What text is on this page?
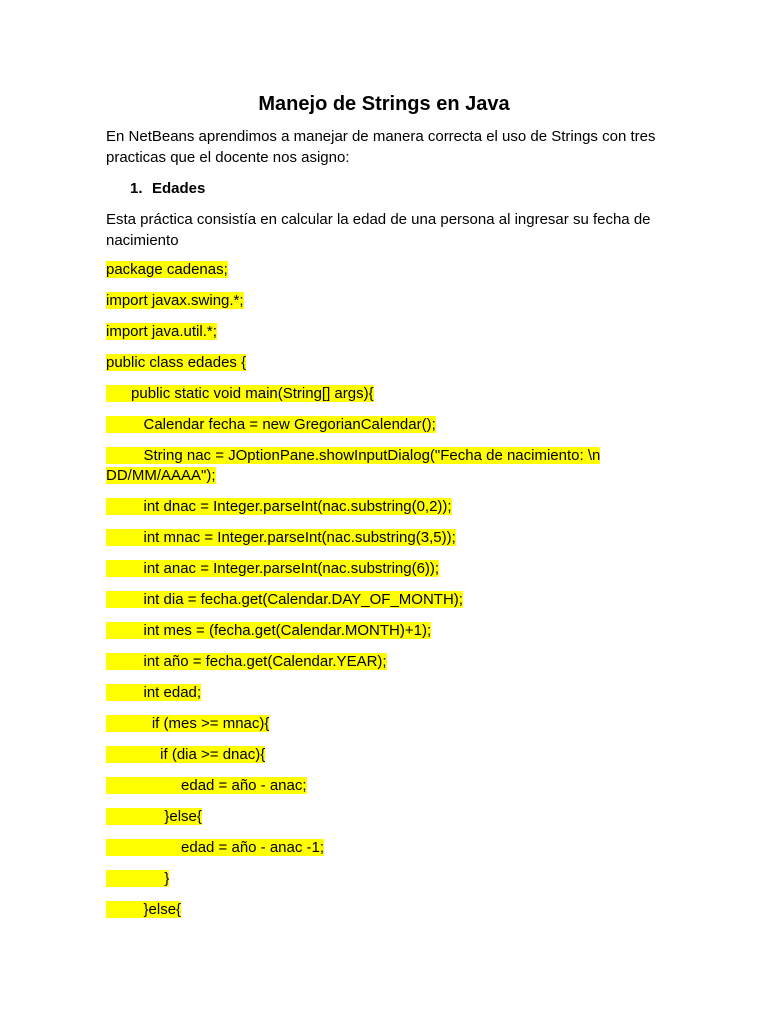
Manejo de Strings en Java
En NetBeans aprendimos a manejar de manera correcta el uso de Strings con tres practicas que el docente nos asigno:
1. Edades
Esta práctica consistía en calcular la edad de una persona al ingresar su fecha de nacimiento
package cadenas;
import javax.swing.*;
import java.util.*;
public class edades {
public static void main(String[] args){
Calendar fecha = new GregorianCalendar();
String nac = JOptionPane.showInputDialog("Fecha de nacimiento: \n
DD/MM/AAAA");
int dnac = Integer.parseInt(nac.substring(0,2));
int mnac = Integer.parseInt(nac.substring(3,5));
int anac = Integer.parseInt(nac.substring(6));
int dia = fecha.get(Calendar.DAY_OF_MONTH);
int mes = (fecha.get(Calendar.MONTH)+1);
int año = fecha.get(Calendar.YEAR);
int edad;
if (mes >= mnac){
if (dia >= dnac){
edad = año - anac;
}else{
edad = año - anac -1;
}
}else{
